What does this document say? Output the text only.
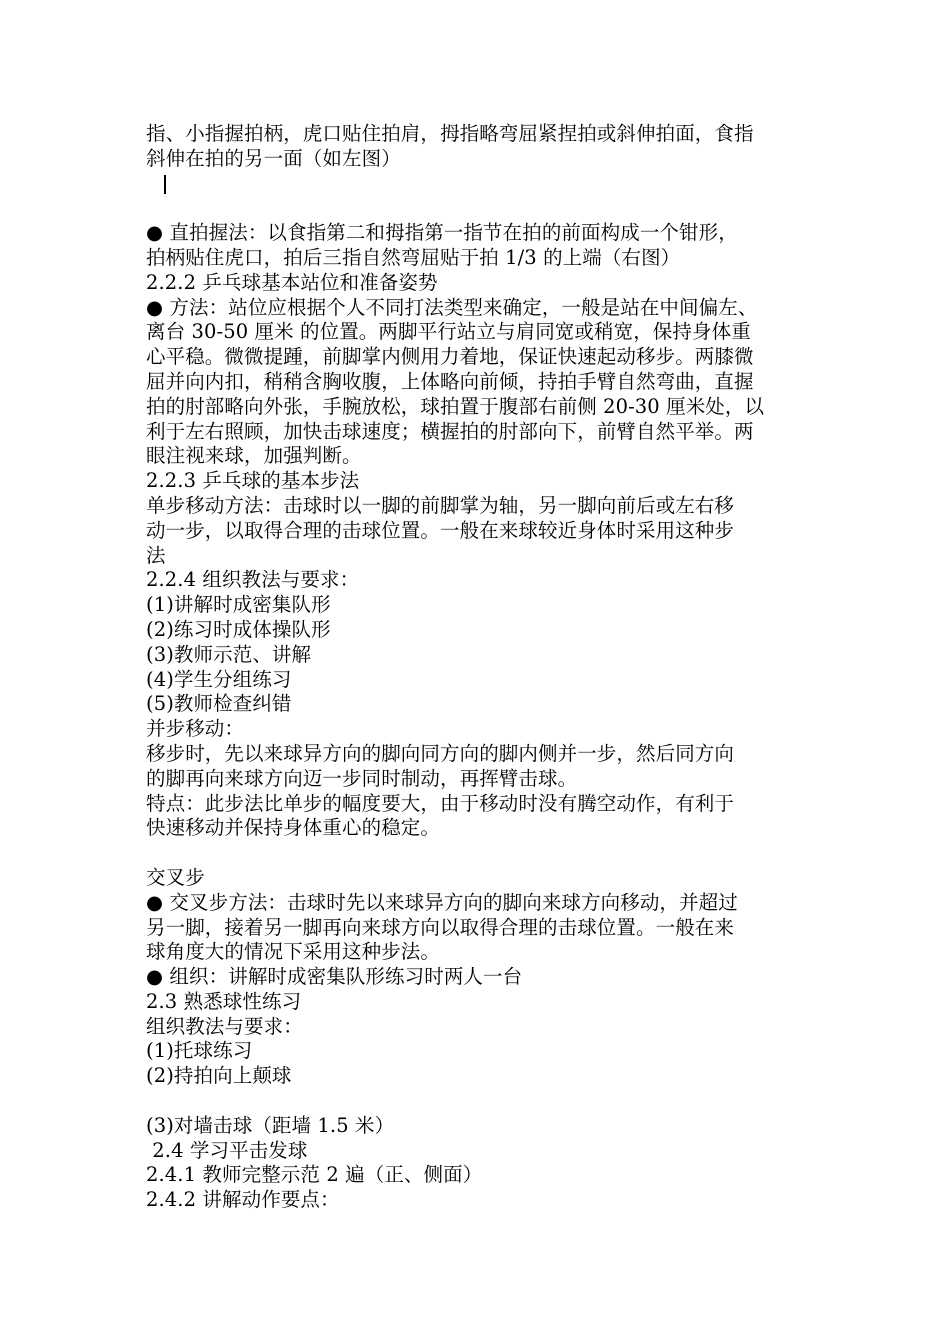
指、小指握拍柄，虎口贴住拍肩，拇指略弯屈紧捏拍或斜伸拍面，食指
斜伸在拍的另一面（如左图）
● 直拍握法：以食指第二和拇指第一指节在拍的前面构成一个钳形，
拍柄贴住虎口，拍后三指自然弯屈贴于拍 1/3 的上端（右图）
2.2.2 乒乓球基本站位和准备姿势
● 方法：站位应根据个人不同打法类型来确定，一般是站在中间偏左、
离台 30-50 厘米 的位置。两脚平行站立与肩同宽或稍宽，保持身体重
心平稳。微微提踵，前脚掌内侧用力着地，保证快速起动移步。两膝微
屈并向内扣，稍稍含胸收腹，上体略向前倾，持拍手臂自然弯曲，直握
拍的肘部略向外张，手腕放松，球拍置于腹部右前侧 20-30 厘米处，以
利于左右照顾，加快击球速度；横握拍的肘部向下，前臂自然平举。两
眼注视来球，加强判断。
2.2.3 乒乓球的基本步法
单步移动方法：击球时以一脚的前脚掌为轴，另一脚向前后或左右移
动一步，以取得合理的击球位置。一般在来球较近身体时采用这种步
法
2.2.4 组织教法与要求：
(1)讲解时成密集队形
(2)练习时成体操队形
(3)教师示范、讲解
(4)学生分组练习
(5)教师检查纠错
并步移动：
移步时，先以来球异方向的脚向同方向的脚内侧并一步，然后同方向
的脚再向来球方向迈一步同时制动，再挥臂击球。
特点：此步法比单步的幅度要大，由于移动时没有腾空动作，有利于
快速移动并保持身体重心的稳定。
交叉步
● 交叉步方法：击球时先以来球异方向的脚向来球方向移动，并超过
另一脚，接着另一脚再向来球方向以取得合理的击球位置。一般在来
球角度大的情况下采用这种步法。
● 组织：讲解时成密集队形练习时两人一台
2.3 熟悉球性练习
组织教法与要求：
(1)托球练习
(2)持拍向上颠球
(3)对墙击球（距墙 1.5 米）
2.4 学习平击发球
2.4.1 教师完整示范 2 遍（正、侧面）
2.4.2 讲解动作要点：
